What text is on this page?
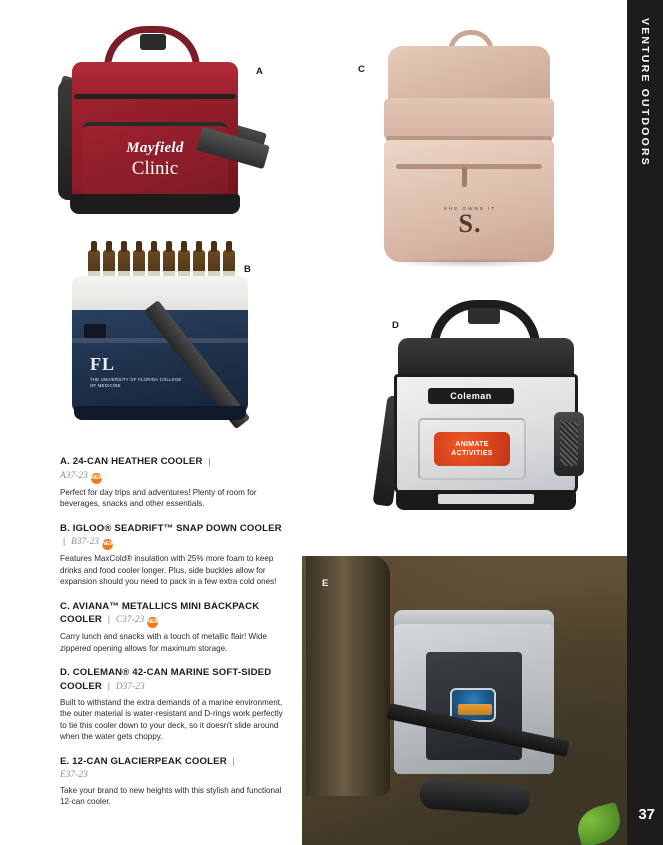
Mayfield
Clinic
A
FL
THE UNIVERSITY OF FLORIDA COLLEGE OF MEDICINE
B
SHE OWNS IT
S.
C
Coleman
ANIMATE ACTIVITIES
D
E
A. 24-CAN HEATHER COOLER  |
A37-23 NEW
Perfect for day trips and adventures! Plenty of room for beverages, snacks and other essentials.
B. IGLOO® SEADRIFT™ SNAP DOWN COOLER  |  B37-23 NEW
Features MaxCold® insulation with 25% more foam to keep drinks and food cooler longer. Plus, side buckles allow for expansion should you need to pack in a few extra cold ones!
C. AVIANA™ METALLICS MINI BACKPACK COOLER  |  C37-23 NEW
Carry lunch and snacks with a touch of metallic flair! Wide zippered opening allows for maximum storage.
D. COLEMAN® 42-CAN MARINE SOFT-SIDED COOLER  |  D37-23
Built to withstand the extra demands of a marine environment, the outer material is water-resistant and D-rings work perfectly to tie this cooler down to your deck, so it doesn't slide around when the water gets choppy.
E. 12-CAN GLACIERPEAK COOLER  |
E37-23
Take your brand to new heights with this stylish and functional 12-can cooler.
VENTURE OUTDOORS
37
